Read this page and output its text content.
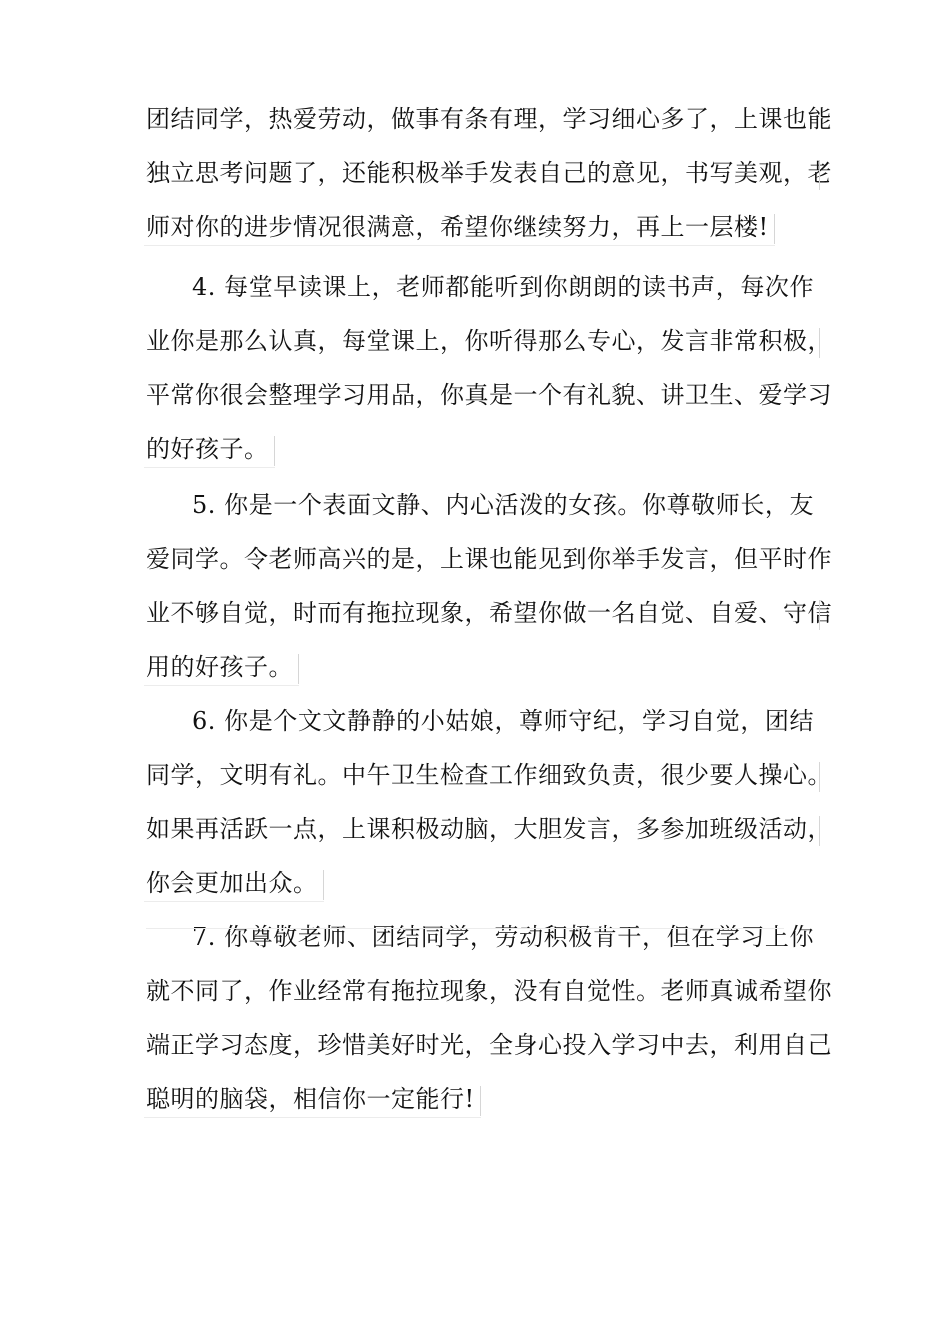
团结同学，热爱劳动，做事有条有理，学习细心多了，上课也能
独立思考问题了，还能积极举手发表自己的意见，书写美观，老
师对你的进步情况很满意，希望你继续努力，再上一层楼!
4. 每堂早读课上，老师都能听到你朗朗的读书声，每次作
业你是那么认真，每堂课上，你听得那么专心，发言非常积极，
平常你很会整理学习用品，你真是一个有礼貌、讲卫生、爱学习
的好孩子。
5. 你是一个表面文静、内心活泼的女孩。你尊敬师长，友
爱同学。令老师高兴的是，上课也能见到你举手发言，但平时作
业不够自觉，时而有拖拉现象，希望你做一名自觉、自爱、守信
用的好孩子。
6. 你是个文文静静的小姑娘，尊师守纪，学习自觉，团结
同学，文明有礼。中午卫生检查工作细致负责，很少要人操心。
如果再活跃一点，上课积极动脑，大胆发言，多参加班级活动，
你会更加出众。
7. 你尊敬老师、团结同学，劳动积极肯干，但在学习上你
就不同了，作业经常有拖拉现象，没有自觉性。老师真诚希望你
端正学习态度，珍惜美好时光，全身心投入学习中去，利用自己
聪明的脑袋，相信你一定能行!
